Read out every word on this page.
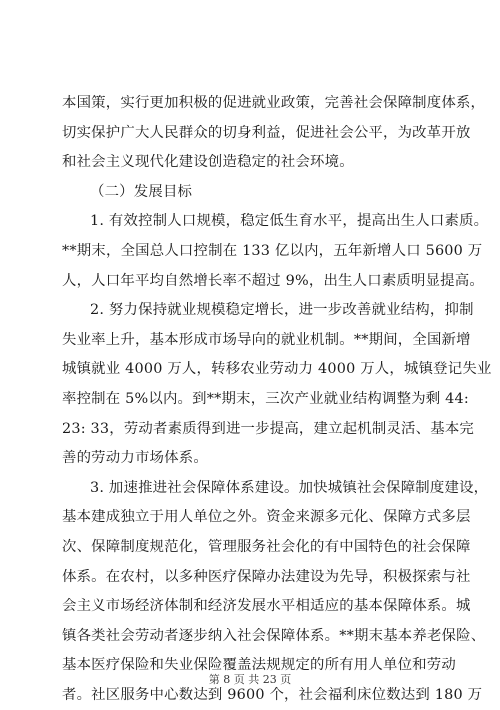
本国策，实行更加积极的促进就业政策，完善社会保障制度体系，
切实保护广大人民群众的切身利益，促进社会公平，为改革开放
和社会主义现代化建设创造稳定的社会环境。
（二）发展目标
1. 有效控制人口规模，稳定低生育水平，提高出生人口素质。
**期末，全国总人口控制在 133 亿以内，五年新增人口 5600 万
人，人口年平均自然增长率不超过 9%，出生人口素质明显提高。
2. 努力保持就业规模稳定增长，进一步改善就业结构，抑制
失业率上升，基本形成市场导向的就业机制。**期间，全国新增
城镇就业 4000 万人，转移农业劳动力 4000 万人，城镇登记失业
率控制在 5%以内。到**期末，三次产业就业结构调整为剩 44:
23: 33，劳动者素质得到进一步提高，建立起机制灵活、基本完
善的劳动力市场体系。
3. 加速推进社会保障体系建设。加快城镇社会保障制度建设，
基本建成独立于用人单位之外。资金来源多元化、保障方式多层
次、保障制度规范化，管理服务社会化的有中国特色的社会保障
体系。在农村，以多种医疗保障办法建设为先导，积极探索与社
会主义市场经济体制和经济发展水平相适应的基本保障体系。城
镇各类社会劳动者逐步纳入社会保障体系。**期末基本养老保险、
基本医疗保险和失业保险覆盖法规规定的所有用人单位和劳动
者。社区服务中心数达到 9600 个，社会福利床位数达到 180 万
第 8 页 共 23 页
